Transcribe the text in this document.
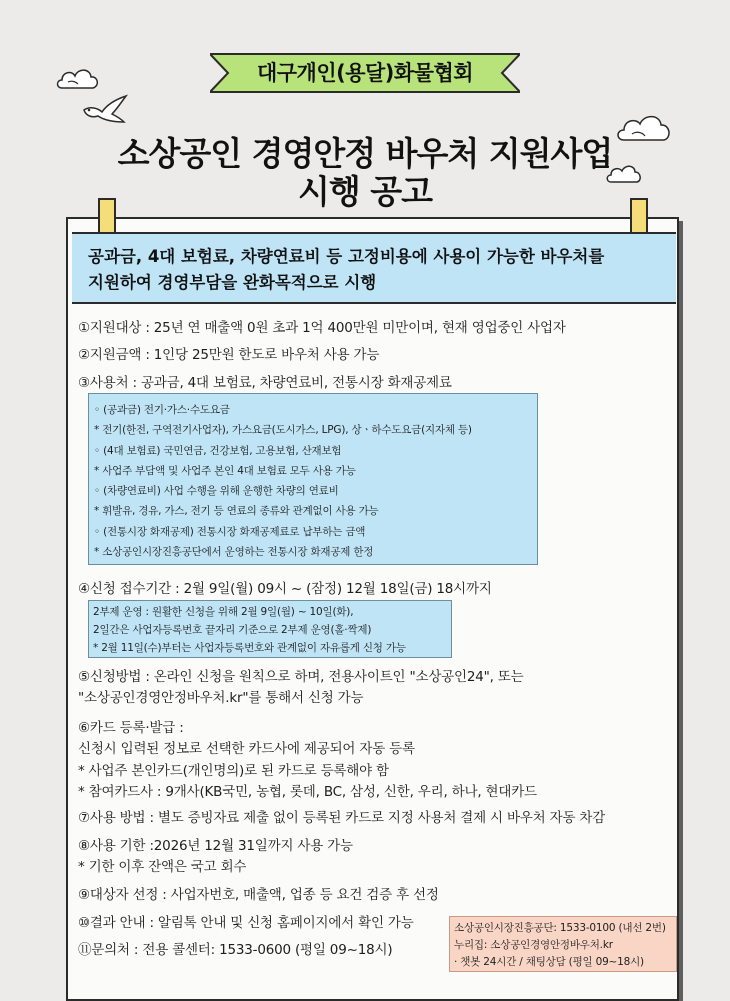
대구개인(용달)화물협회
소상공인 경영안정 바우처 지원사업
시행 공고
공과금, 4대 보험료, 차량연료비 등 고정비용에 사용이 가능한 바우처를
지원하여 경영부담을 완화목적으로 시행
①지원대상 : 25년 연 매출액 0원 초과 1억 400만원 미만이며, 현재 영업중인 사업자
②지원금액 : 1인당 25만원 한도로 바우처 사용 가능
③사용처 : 공과금, 4대 보험료, 차량연료비, 전통시장 화재공제료
◦ (공과금) 전기·가스·수도요금
* 전기(한전, 구역전기사업자), 가스요금(도시가스, LPG), 상ㆍ하수도요금(지자체 등)
◦ (4대 보험료) 국민연금, 건강보험, 고용보험, 산재보험
* 사업주 부담액 및 사업주 본인 4대 보험료 모두 사용 가능
◦ (차량연료비) 사업 수행을 위해 운행한 차량의 연료비
* 휘발유, 경유, 가스, 전기 등 연료의 종류와 관계없이 사용 가능
◦ (전통시장 화재공제) 전통시장 화재공제료로 납부하는 금액
* 소상공인시장진흥공단에서 운영하는 전통시장 화재공제 한정
④신청 접수기간 : 2월 9일(월) 09시 ~ (잠정) 12월 18일(금) 18시까지
2부제 운영 : 원활한 신청을 위해 2월 9일(월) ~ 10일(화),
2일간은 사업자등록번호 끝자리 기준으로 2부제 운영(홀·짝제)
* 2월 11일(수)부터는 사업자등록번호와 관계없이 자유롭게 신청 가능
⑤신청방법 : 온라인 신청을 원칙으로 하며, 전용사이트인 "소상공인24", 또는
"소상공인경영안정바우처.kr"를 통해서 신청 가능
⑥카드 등록·발급 :
신청시 입력된 정보로 선택한 카드사에 제공되어 자동 등록
* 사업주 본인카드(개인명의)로 된 카드로 등록해야 함
* 참여카드사 : 9개사(KB국민, 농협, 롯데, BC, 삼성, 신한, 우리, 하나, 현대카드
⑦사용 방법 : 별도 증빙자료 제출 없이 등록된 카드로 지정 사용처 결제 시 바우처 자동 차감
⑧사용 기한 :2026년 12월 31일까지 사용 가능
* 기한 이후 잔액은 국고 회수
⑨대상자 선정 : 사업자번호, 매출액, 업종 등 요건 검증 후 선정
⑩결과 안내 : 알림톡 안내 및 신청 홈페이지에서 확인 가능
⑪문의처 : 전용 콜센터: 1533-0600 (평일 09~18시)
소상공인시장진흥공단: 1533-0100 (내선 2번)
누리집: 소상공인경영안정바우처.kr
· 챗봇 24시간 / 채팅상담 (평일 09~18시)
